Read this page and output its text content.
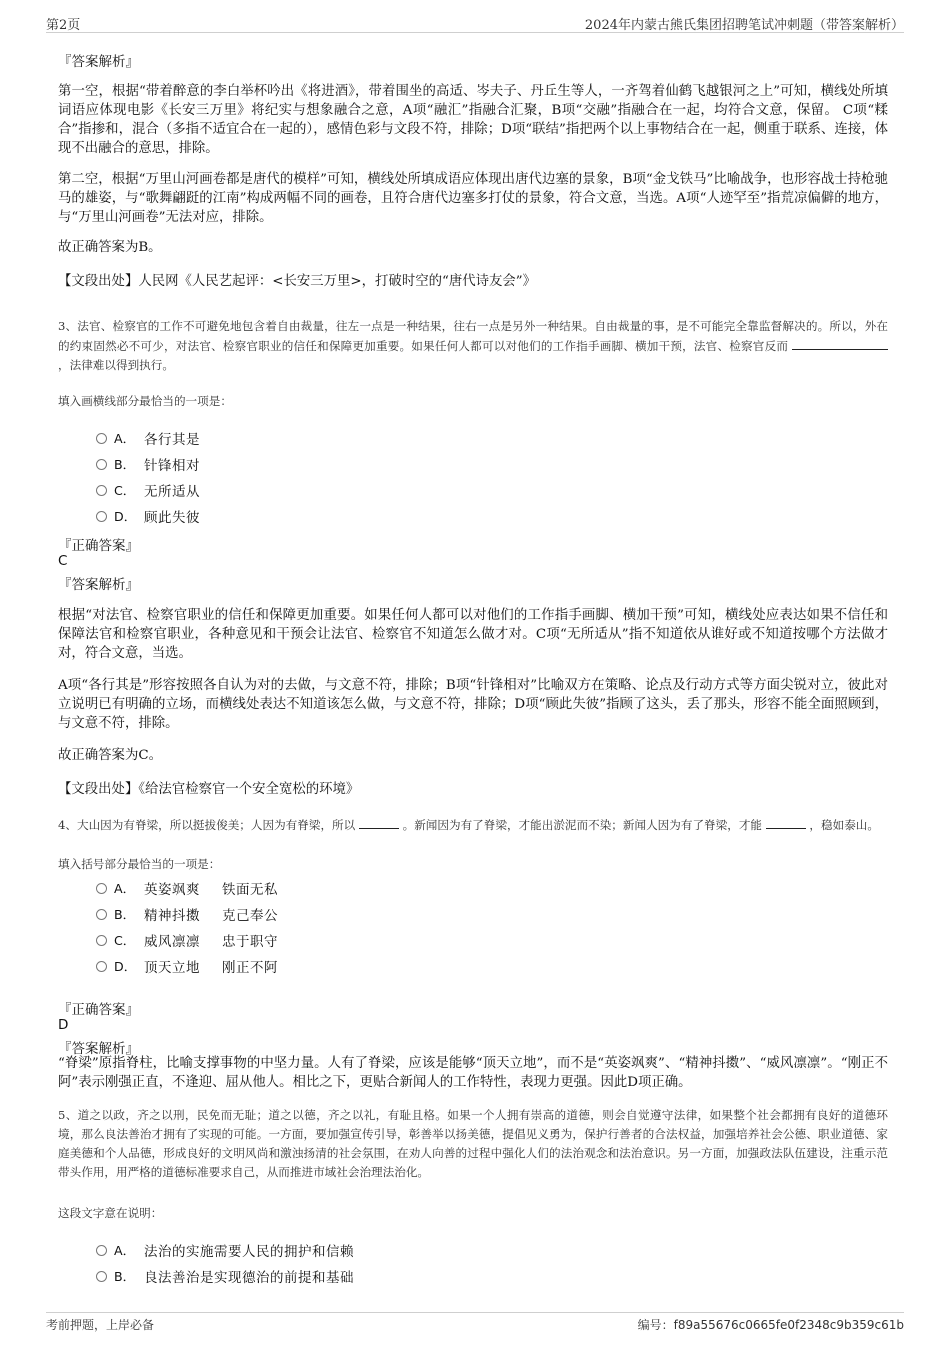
第2页	2024年内蒙古熊氏集团招聘笔试冲刺题（带答案解析）
『答案解析』
第一空，根据“带着醉意的李白举杯吟出《将进酒》，带着围坐的高适、岑夫子、丹丘生等人，一齐驾着仙鹤飞越银河之上”可知，横线处所填词语应体现电影《长安三万里》将纪实与想象融合之意，A项“融汇”指融合汇聚，B项“交融”指融合在一起，均符合文意，保留。 C项“糅合”指掺和，混合（多指不适宜合在一起的），感情色彩与文段不符，排除；D项“联结”指把两个以上事物结合在一起，侧重于联系、连接，体现不出融合的意思，排除。
第二空，根据“万里山河画卷都是唐代的模样”可知，横线处所填成语应体现出唐代边塞的景象，B项“金戈铁马”比喻战争，也形容战士持枪驰马的雄姿，与“歌舞翩跹的江南”构成两幅不同的画卷，且符合唐代边塞多打仗的景象，符合文意，当选。A项“人迹罕至”指荒凉偏僻的地方，与“万里山河画卷”无法对应，排除。
故正确答案为B。
【文段出处】人民网《人民艺起评：<长安三万里>，打破时空的“唐代诗友会”》
3、法官、检察官的工作不可避免地包含着自由裁量，往左一点是一种结果，往右一点是另外一种结果。自由裁量的事，是不可能完全靠监督解决的。所以，外在的约束固然必不可少，对法官、检察官职业的信任和保障更加重要。如果任何人都可以对他们的工作指手画脚、横加干预，法官、检察官反而  ，法律难以得到执行。
填入画横线部分最恰当的一项是：
A． 各行其是
B． 针锋相对
C． 无所适从
D． 顾此失彼
『正确答案』
C
『答案解析』
根据“对法官、检察官职业的信任和保障更加重要。如果任何人都可以对他们的工作指手画脚、横加干预”可知，横线处应表达如果不信任和保障法官和检察官职业，各种意见和干预会让法官、检察官不知道怎么做才对。C项“无所适从”指不知道依从谁好或不知道按哪个方法做才对，符合文意，当选。
A项“各行其是”形容按照各自认为对的去做，与文意不符，排除；B项“针锋相对”比喻双方在策略、论点及行动方式等方面尖锐对立，彼此对立说明已有明确的立场，而横线处表达不知道该怎么做，与文意不符，排除；D项“顾此失彼”指顾了这头，丢了那头，形容不能全面照顾到，与文意不符，排除。
故正确答案为C。
【文段出处】《给法官检察官一个安全宽松的环境》
4、大山因为有脊梁，所以挺拔俊美；人因为有脊梁，所以	。新闻因为有了脊梁，才能出淤泥而不染；新闻人因为有了脊梁，才能	，稳如泰山。
填入括号部分最恰当的一项是：
A． 英姿飒爽 铁面无私
B． 精神抖擞 克己奉公
C． 威风凛凛 忠于职守
D． 顶天立地 刚正不阿
『正确答案』
D
『答案解析』
“脊梁”原指脊柱，比喻支撑事物的中坚力量。人有了脊梁，应该是能够“顶天立地”，而不是“英姿飒爽”、“精神抖擞”、“威风凛凛”。“刚正不阿”表示刚强正直，不逢迎、屈从他人。相比之下，更贴合新闻人的工作特性，表现力更强。因此D项正确。
5、道之以政，齐之以刑，民免而无耻；道之以德，齐之以礼，有耻且格。如果一个人拥有崇高的道德，则会自觉遵守法律，如果整个社会都拥有良好的道德环境，那么良法善治才拥有了实现的可能。一方面，要加强宣传引导，彰善举以扬美德，提倡见义勇为，保护行善者的合法权益，加强培养社会公德、职业道德、家庭美德和个人品德，形成良好的文明风尚和激浊扬清的社会氛围，在劝人向善的过程中强化人们的法治观念和法治意识。另一方面，加强政法队伍建设，注重示范带头作用，用严格的道德标准要求自己，从而推进市域社会治理法治化。
这段文字意在说明：
A． 法治的实施需要人民的拥护和信赖
B． 良法善治是实现德治的前提和基础
考前押题，上岸必备	编号：f89a55676c0665fe0f2348c9b359c61b
